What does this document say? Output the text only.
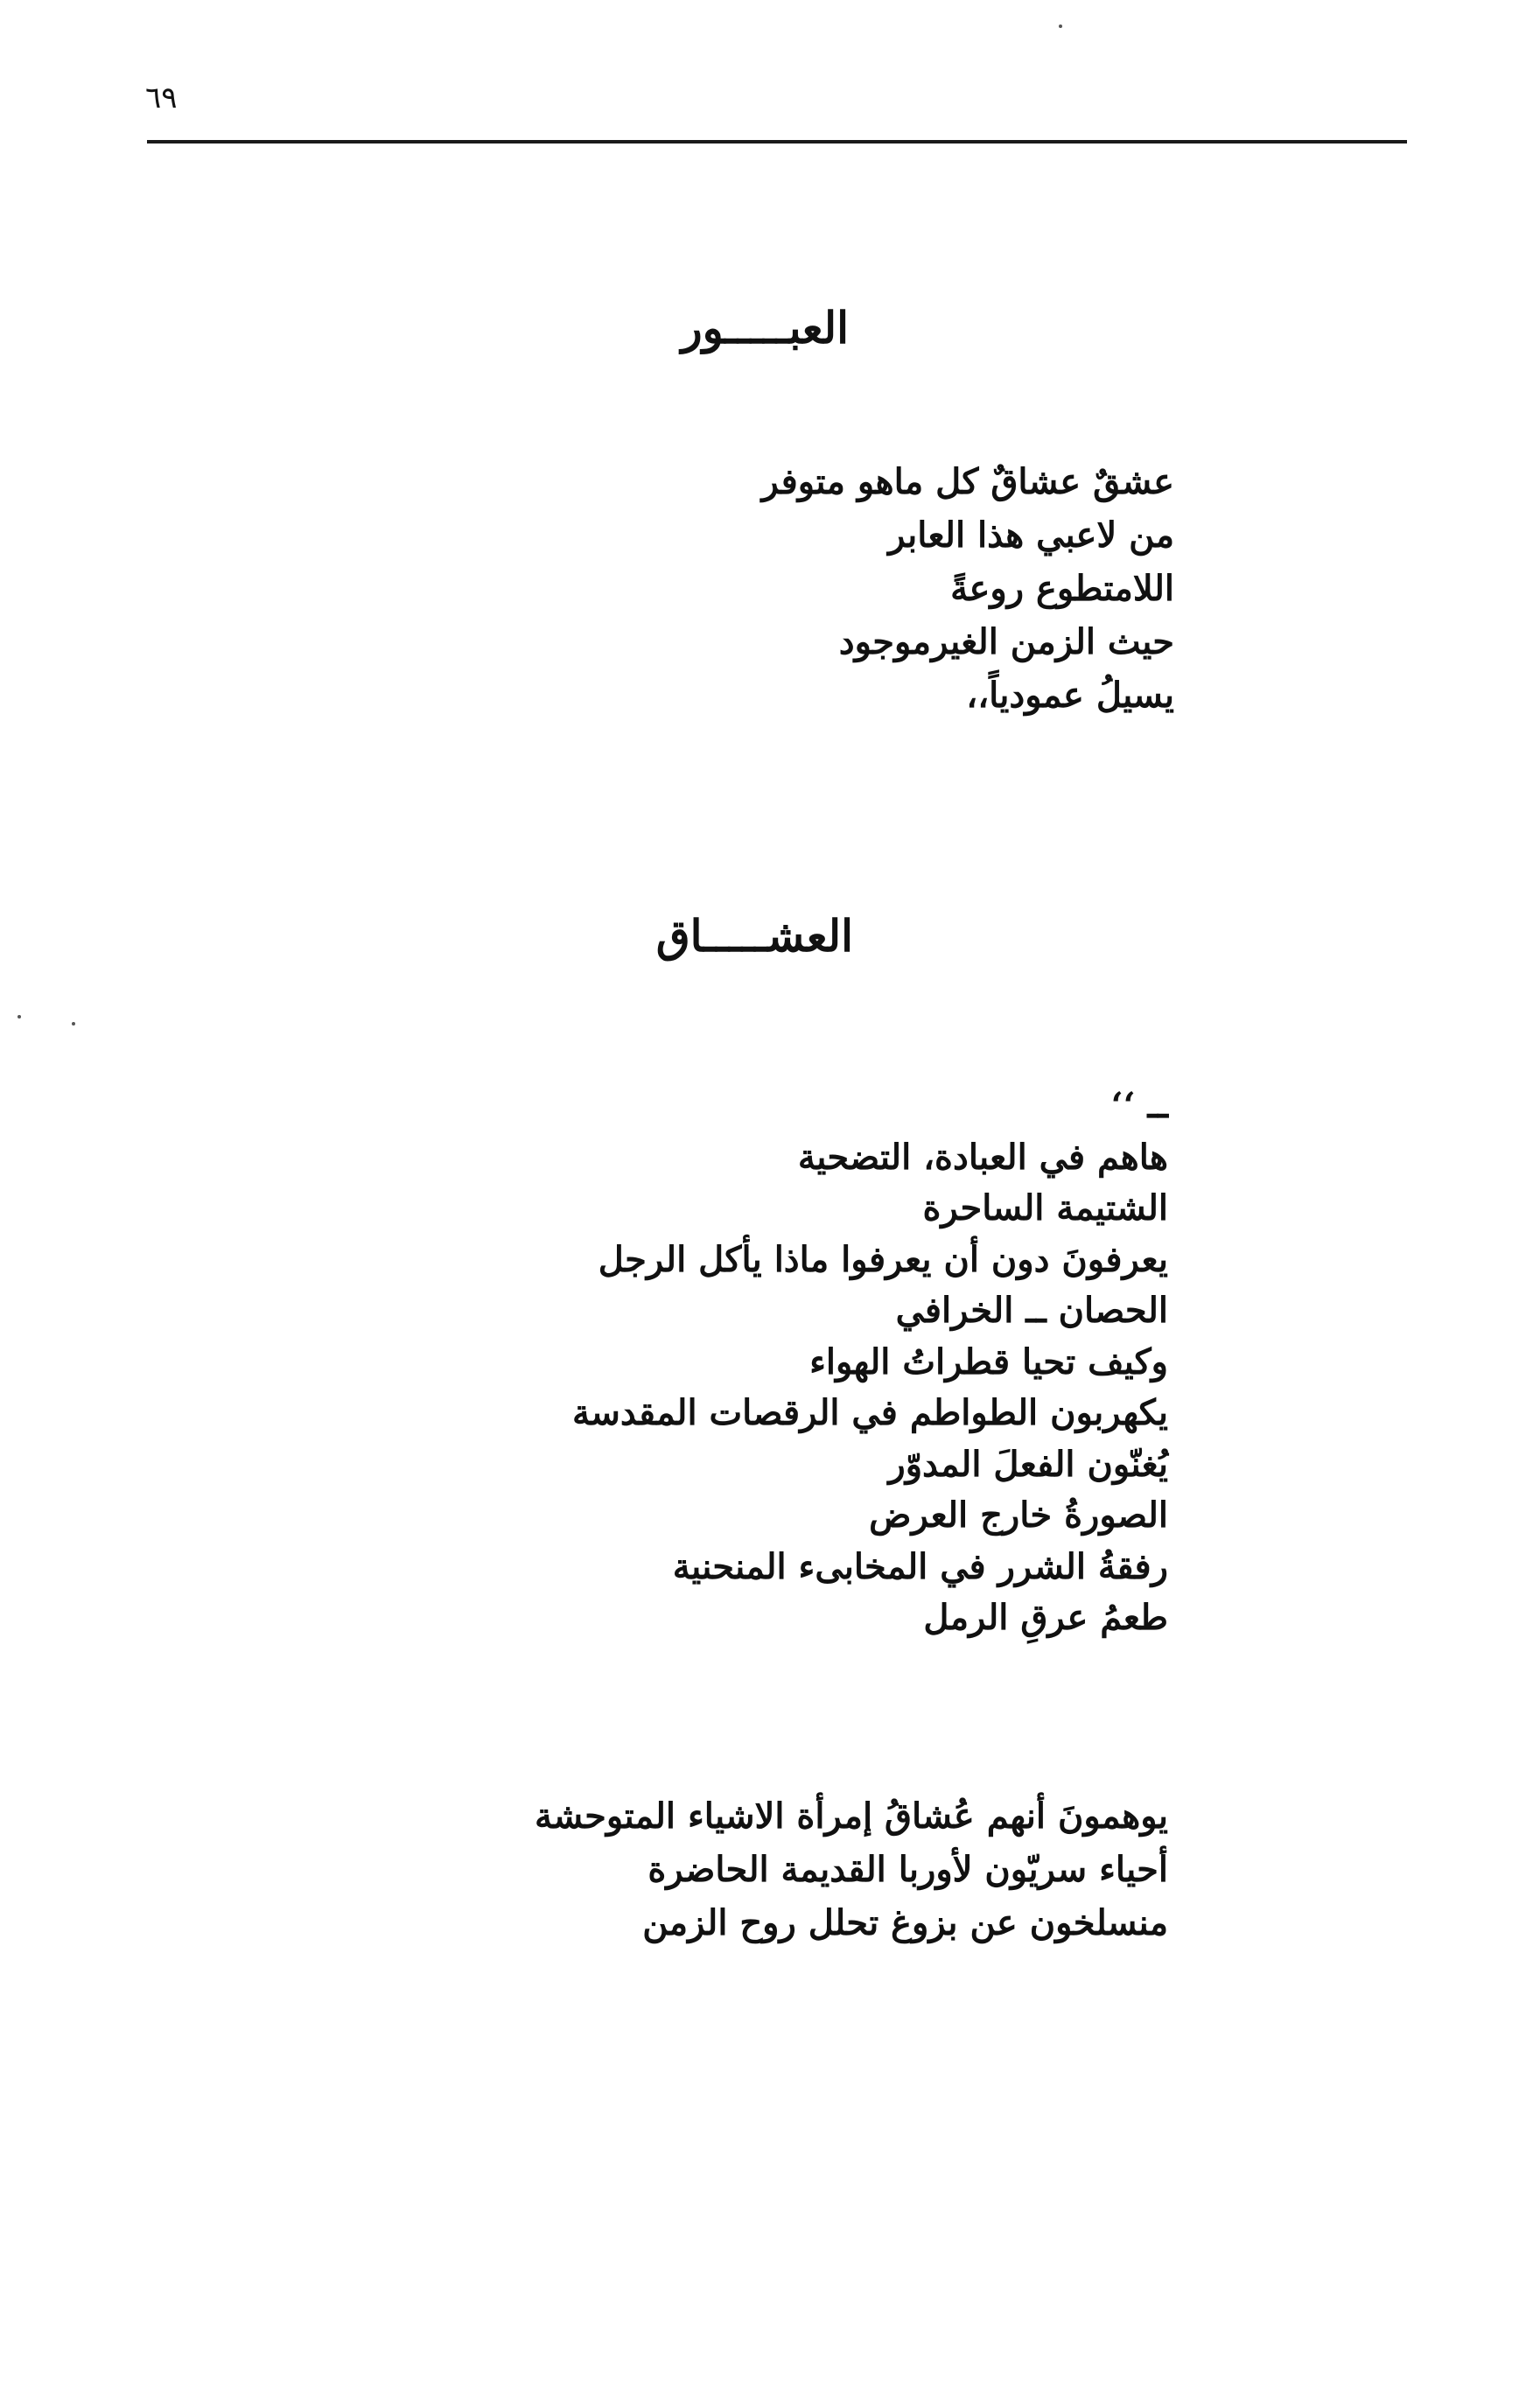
٦٩
العبـــــور
عشقٌ عشاقٌ كل ماهو متوفر
من لاعبي هذا العابر
اللامتطوع روعةً
حيث الزمن الغيرموجود
يسيلُ عمودياً،،
العشـــــاق
ــ ‘‘
هاهم في العبادة، التضحية
الشتيمة الساحرة
يعرفونَ دون أن يعرفوا ماذا يأكل الرجل
الحصان ــ الخرافي
وكيف تحيا قطراتُ الهواء
يكهربون الطواطم في الرقصات المقدسة
يُغنّون الفعلَ المدوّر
الصورةُ خارج العرض
رفقةُ الشرر في المخابىء المنحنية
طعمُ عرقِ الرمل
يوهمونَ أنهم عُشاقُ إمرأة الاشياء المتوحشة
أحياء سريّون لأوربا القديمة الحاضرة
منسلخون عن بزوغ تحلل روح الزمن
